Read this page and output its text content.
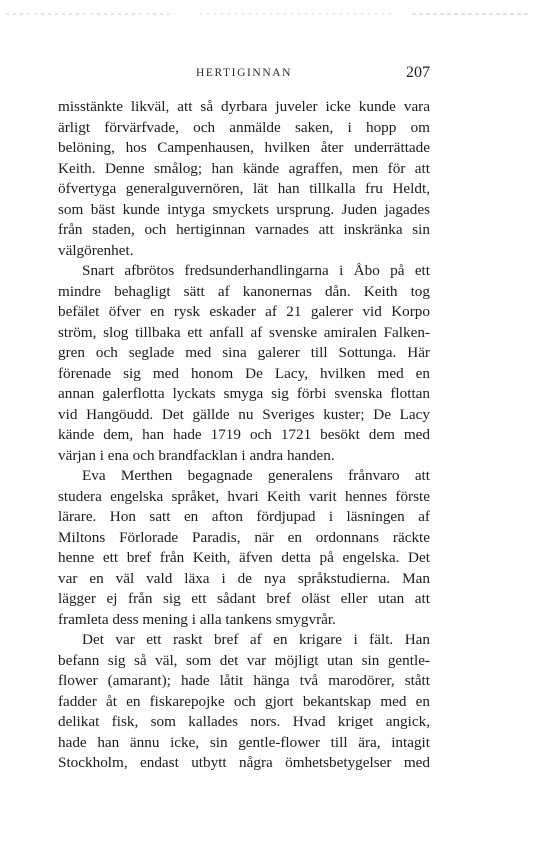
HERTIGINNAN	207
misstänkte likväl, att så dyrbara juveler icke kunde vara
ärligt förvärfvade, och anmälde saken, i hopp om
belöning, hos Campenhausen, hvilken åter underrättade
Keith. Denne smålog; han kände agraffen, men för att
öfvertyga generalguvernören, lät han tillkalla fru Heldt,
som bäst kunde intyga smyckets ursprung. Juden jagades
från staden, och hertiginnan varnades att inskränka sin
välgörenhet.
Snart afbrötos fredsunderhandlingarna i Åbo på ett
mindre behagligt sätt af kanonernas dån. Keith tog
befälet öfver en rysk eskader af 21 galerer vid Korpo
ström, slog tillbaka ett anfall af svenske amiralen Falken-
gren och seglade med sina galerer till Sottunga. Här
förenade sig med honom De Lacy, hvilken med en
annan galerflotta lyckats smyga sig förbi svenska flottan
vid Hangöudd. Det gällde nu Sveriges kuster; De Lacy
kände dem, han hade 1719 och 1721 besökt dem med
värjan i ena och brandfacklan i andra handen.
Eva Merthen begagnade generalens frånvaro att
studera engelska språket, hvari Keith varit hennes förste
lärare. Hon satt en afton fördjupad i läsningen af
Miltons Förlorade Paradis, när en ordonnans räckte
henne ett bref från Keith, äfven detta på engelska. Det
var en väl vald läxa i de nya språkstudierna. Man
lägger ej från sig ett sådant bref oläst eller utan att
framleta dess mening i alla tankens smygvrår.
Det var ett raskt bref af en krigare i fält. Han
befann sig så väl, som det var möjligt utan sin gentle-
flower (amarant); hade låtit hänga två marodörer, stått
fadder åt en fiskarepojke och gjort bekantskap med en
delikat fisk, som kallades nors. Hvad kriget angick,
hade han ännu icke, sin gentle-flower till ära, intagit
Stockholm, endast utbytt några ömhetsbetygelser med
